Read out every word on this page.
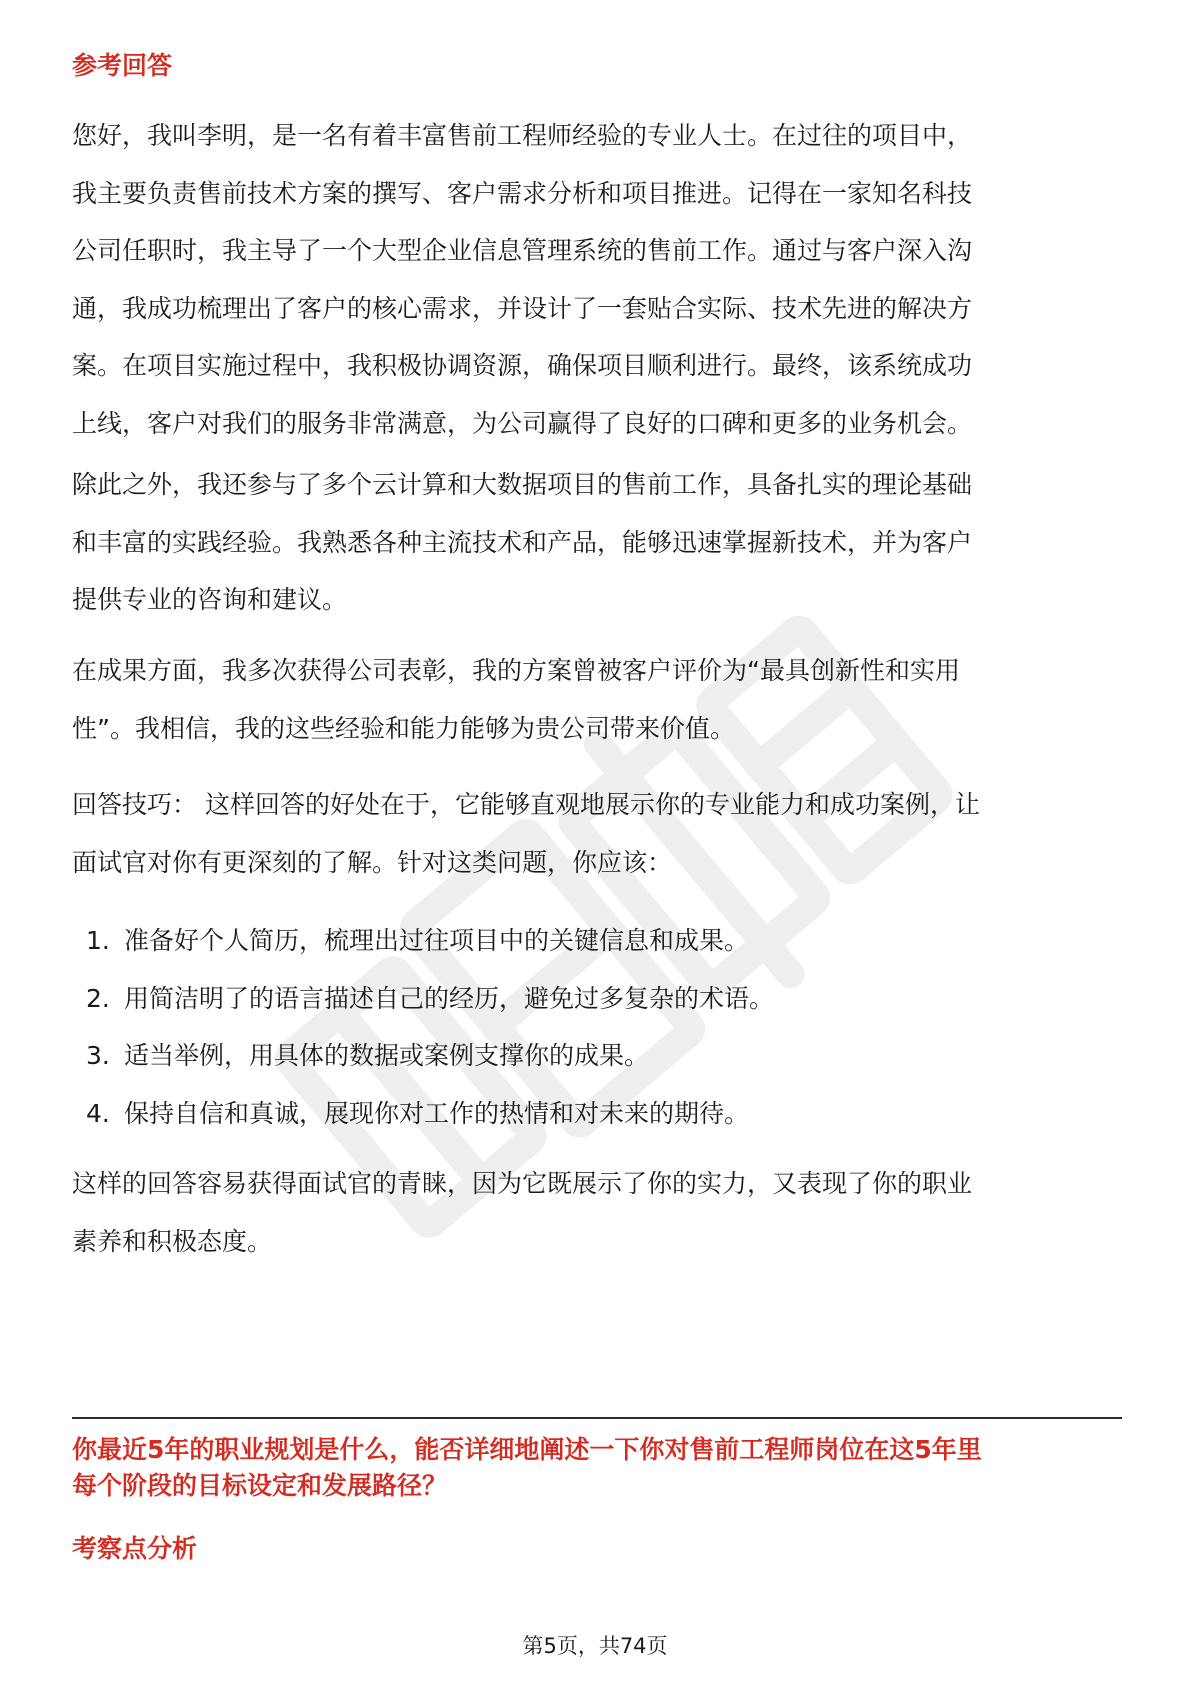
参考回答
您好，我叫李明，是一名有着丰富售前工程师经验的专业人士。在过往的项目中，
我主要负责售前技术方案的撰写、客户需求分析和项目推进。记得在一家知名科技
公司任职时，我主导了一个大型企业信息管理系统的售前工作。通过与客户深入沟
通，我成功梳理出了客户的核心需求，并设计了一套贴合实际、技术先进的解决方
案。在项目实施过程中，我积极协调资源，确保项目顺利进行。最终，该系统成功
上线，客户对我们的服务非常满意，为公司赢得了良好的口碑和更多的业务机会。
除此之外，我还参与了多个云计算和大数据项目的售前工作，具备扎实的理论基础
和丰富的实践经验。我熟悉各种主流技术和产品，能够迅速掌握新技术，并为客户
提供专业的咨询和建议。
在成果方面，我多次获得公司表彰，我的方案曾被客户评价为“最具创新性和实用
性”。我相信，我的这些经验和能力能够为贵公司带来价值。
回答技巧： 这样回答的好处在于，它能够直观地展示你的专业能力和成功案例，让
面试官对你有更深刻的了解。针对这类问题，你应该：
1. 准备好个人简历，梳理出过往项目中的关键信息和成果。
2. 用简洁明了的语言描述自己的经历，避免过多复杂的术语。
3. 适当举例，用具体的数据或案例支撑你的成果。
4. 保持自信和真诚，展现你对工作的热情和对未来的期待。
这样的回答容易获得面试官的青睐，因为它既展示了你的实力，又表现了你的职业
素养和积极态度。
你最近5年的职业规划是什么，能否详细地阐述一下你对售前工程师岗位在这5年里
每个阶段的目标设定和发展路径？
考察点分析
第5页，共74页
